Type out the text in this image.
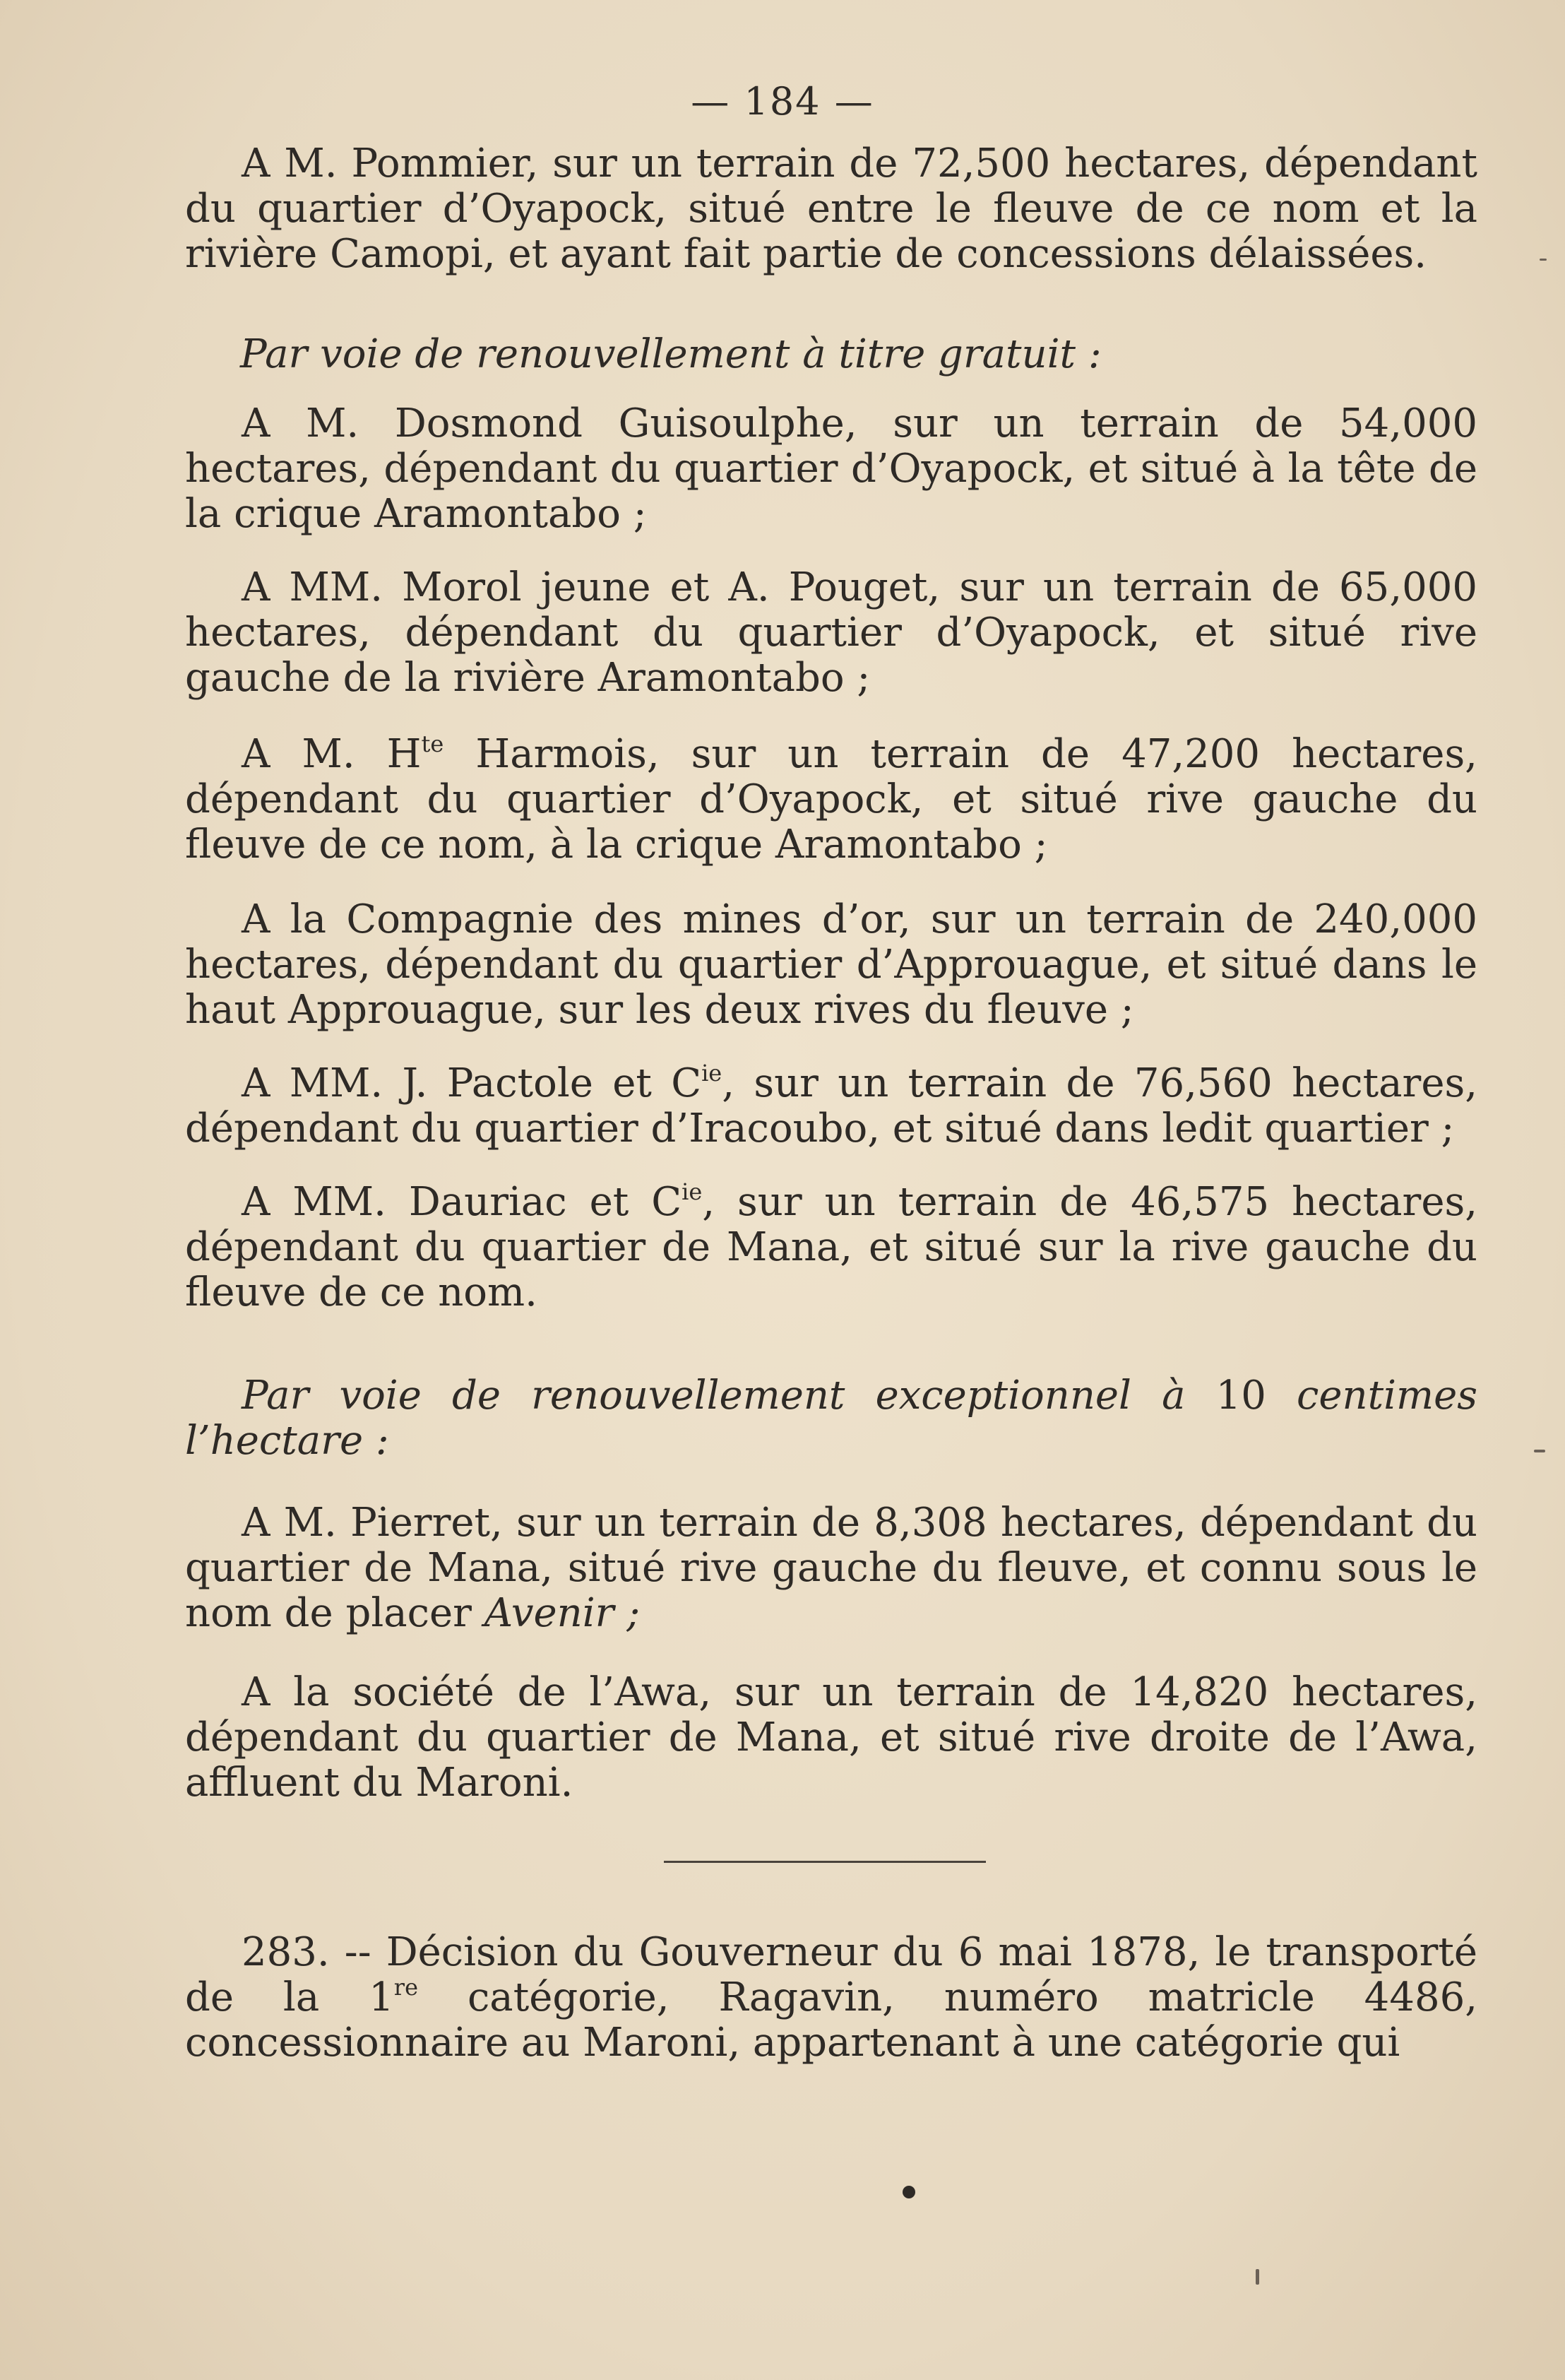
— 184 —

A M. Pommier, sur un terrain de 72,500 hectares, dépendant du quartier d’Oyapock, situé entre le fleuve de ce nom et la rivière Camopi, et ayant fait partie de concessions délaissées.

Par voie de renouvellement à titre gratuit :

A M. Dosmond Guisoulphe, sur un terrain de 54,000 hectares, dépendant du quartier d’Oyapock, et situé à la tête de la crique Aramontabo ;

A MM. Morol jeune et A. Pouget, sur un terrain de 65,000 hectares, dépendant du quartier d’Oyapock, et situé rive gauche de la rivière Aramontabo ;

A M. $H^{te}$ Harmois, sur un terrain de 47,200 hectares, dépendant du quartier d’Oyapock, et situé rive gauche du fleuve de ce nom, à la crique Aramontabo ;

A la Compagnie des mines d’or, sur un terrain de 240,000 hectares, dépendant du quartier d’Approuague, et situé dans le haut Approuague, sur les deux rives du fleuve ;

A MM. J. Pactole et $C^{ie}$, sur un terrain de 76,560 hectares, dépendant du quartier d’Iracoubo, et situé dans ledit quartier ;

A MM. Dauriac et $C^{ie}$, sur un terrain de 46,575 hectares, dépendant du quartier de Mana, et situé sur la rive gauche du fleuve de ce nom.

Par voie de renouvellement exceptionnel à 10 centimes l’hectare :

A M. Pierret, sur un terrain de 8,308 hectares, dépendant du quartier de Mana, situé rive gauche du fleuve, et connu sous le nom de placer Avenir ;

A la société de l’Awa, sur un terrain de 14,820 hectares, dépendant du quartier de Mana, et situé rive droite de l’Awa, affluent du Maroni.

283. -- Décision du Gouverneur du 6 mai 1878, le transporté de la 1re catégorie, Ragavin, numéro matricle 4486, concessionnaire au Maroni, appartenant à une catégorie qui
